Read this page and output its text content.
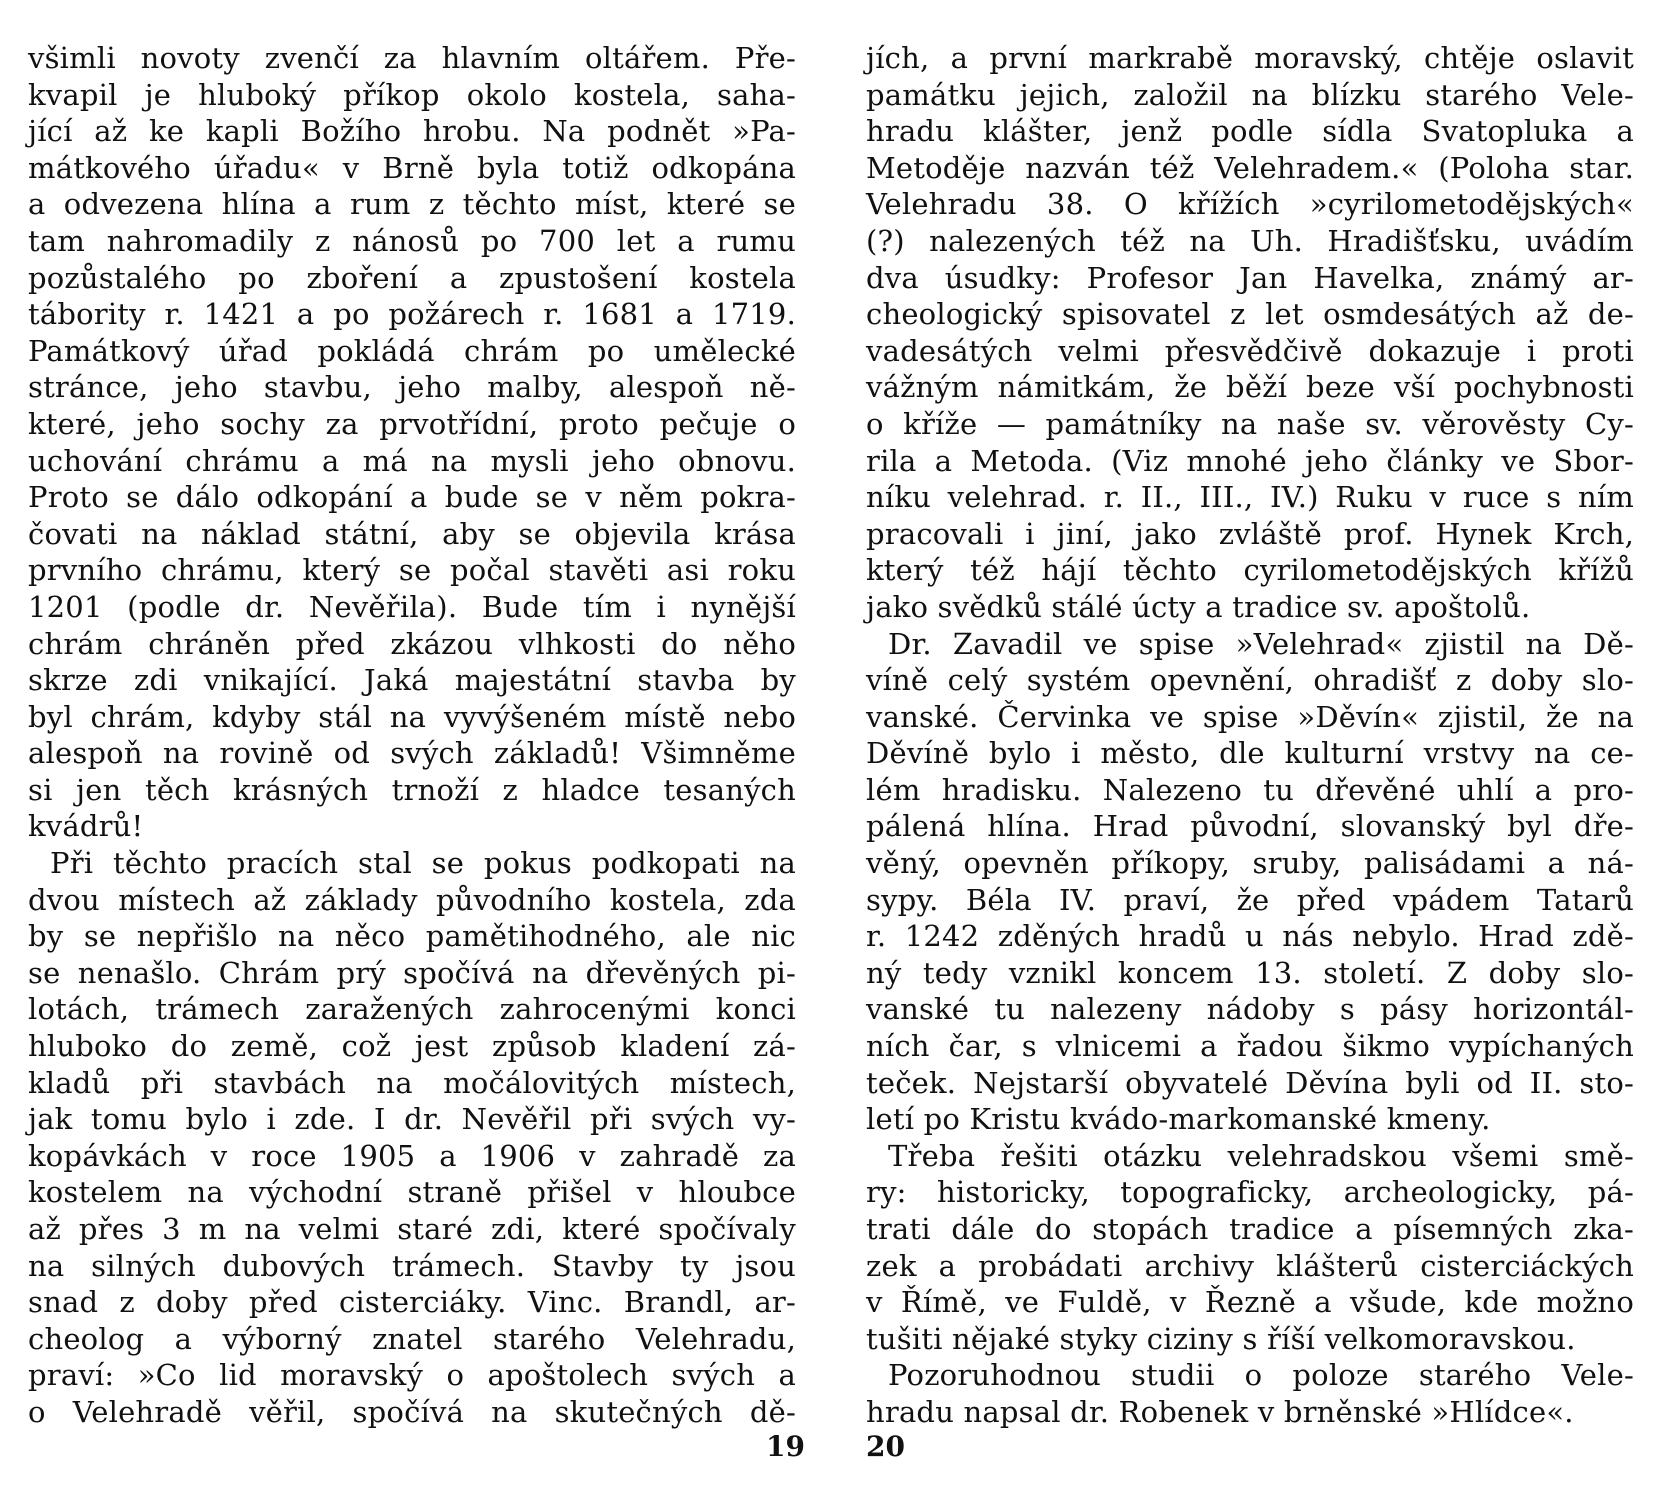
všimli novoty zvenčí za hlavním oltářem. Pře-
kvapil je hluboký příkop okolo kostela, saha-
jící až ke kapli Božího hrobu. Na podnět »Pa-
mátkového úřadu« v Brně byla totiž odkopána
a odvezena hlína a rum z těchto míst, které se
tam nahromadily z nánosů po 700 let a rumu
pozůstalého po zboření a zpustošení kostela
tábority r. 1421 a po požárech r. 1681 a 1719.
Památkový úřad pokládá chrám po umělecké
stránce, jeho stavbu, jeho malby, alespoň ně-
které, jeho sochy za prvotřídní, proto pečuje o
uchování chrámu a má na mysli jeho obnovu.
Proto se dálo odkopání a bude se v něm pokra-
čovati na náklad státní, aby se objevila krása
prvního chrámu, který se počal stavěti asi roku
1201 (podle dr. Nevěřila). Bude tím i nynější
chrám chráněn před zkázou vlhkosti do něho
skrze zdi vnikající. Jaká majestátní stavba by
byl chrám, kdyby stál na vyvýšeném místě nebo
alespoň na rovině od svých základů! Všimněme
si jen těch krásných trnoží z hladce tesaných
kvádrů!
Při těchto pracích stal se pokus podkopati na
dvou místech až základy původního kostela, zda
by se nepřišlo na něco pamětihodného, ale nic
se nenašlo. Chrám prý spočívá na dřevěných pi-
lotách, trámech zaražených zahrocenými konci
hluboko do země, což jest způsob kladení zá-
kladů při stavbách na močálovitých místech,
jak tomu bylo i zde. I dr. Nevěřil při svých vy-
kopávkách v roce 1905 a 1906 v zahradě za
kostelem na východní straně přišel v hloubce
až přes 3 m na velmi staré zdi, které spočívaly
na silných dubových trámech. Stavby ty jsou
snad z doby před cisterciáky. Vinc. Brandl, ar-
cheolog a výborný znatel starého Velehradu,
praví: »Co lid moravský o apoštolech svých a
o Velehradě věřil, spočívá na skutečných dě-
19
jích, a první markrabě moravský, chtěje oslavit
památku jejich, založil na blízku starého Vele-
hradu klášter, jenž podle sídla Svatopluka a
Metoděje nazván též Velehradem.« (Poloha star.
Velehradu 38. O křížích »cyrilometodějských«
(?) nalezených též na Uh. Hradišťsku, uvádím
dva úsudky: Profesor Jan Havelka, známý ar-
cheologický spisovatel z let osmdesátých až de-
vadesátých velmi přesvědčivě dokazuje i proti
vážným námitkám, že běží beze vší pochybnosti
o kříže — památníky na naše sv. věrověsty Cy-
rila a Metoda. (Viz mnohé jeho články ve Sbor-
níku velehrad. r. II., III., IV.) Ruku v ruce s ním
pracovali i jiní, jako zvláště prof. Hynek Krch,
který též hájí těchto cyrilometodějských křížů
jako svědků stálé úcty a tradice sv. apoštolů.
Dr. Zavadil ve spise »Velehrad« zjistil na Dě-
víně celý systém opevnění, ohradišť z doby slo-
vanské. Červinka ve spise »Děvín« zjistil, že na
Děvíně bylo i město, dle kulturní vrstvy na ce-
lém hradisku. Nalezeno tu dřevěné uhlí a pro-
pálená hlína. Hrad původní, slovanský byl dře-
věný, opevněn příkopy, sruby, palisádami a ná-
sypy. Béla IV. praví, že před vpádem Tatarů
r. 1242 zděných hradů u nás nebylo. Hrad zdě-
ný tedy vznikl koncem 13. století. Z doby slo-
vanské tu nalezeny nádoby s pásy horizontál-
ních čar, s vlnicemi a řadou šikmo vypíchaných
teček. Nejstarší obyvatelé Děvína byli od II. sto-
letí po Kristu kvádo-markomanské kmeny.
Třeba řešiti otázku velehradskou všemi smě-
ry: historicky, topograficky, archeologicky, pá-
trati dále do stopách tradice a písemných zka-
zek a probádati archivy klášterů cisterciáckých
v Římě, ve Fuldě, v Řezně a všude, kde možno
tušiti nějaké styky ciziny s říší velkomoravskou.
Pozoruhodnou studii o poloze starého Vele-
hradu napsal dr. Robenek v brněnské »Hlídce«.
20
